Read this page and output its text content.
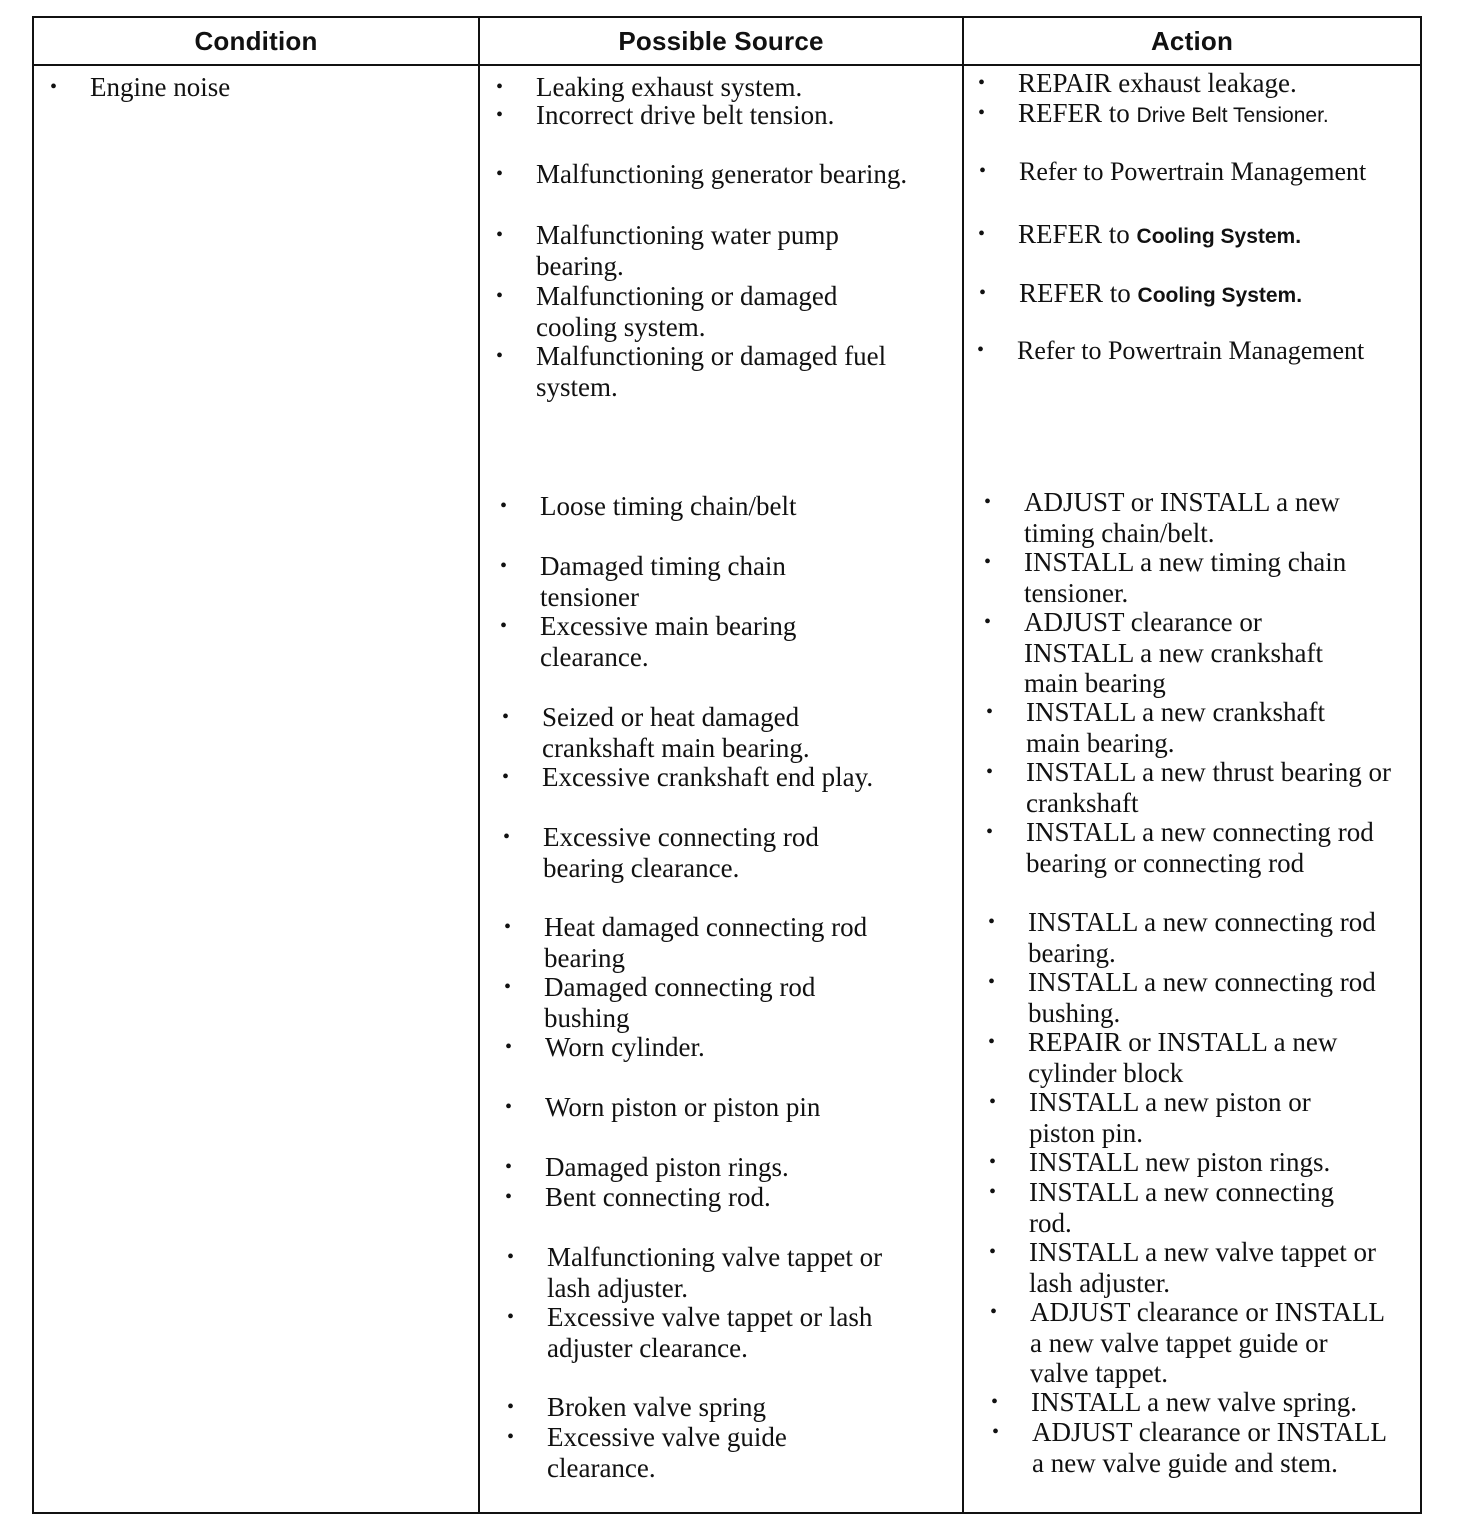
Condition	Possible Source	Action
• Engine noise
•	Leaking exhaust system.
• Incorrect drive belt tension.
• Malfunctioning generator bearing.
• Malfunctioning water pump bearing.
• Malfunctioning or damaged cooling system.
• Malfunctioning or damaged fuel system.
• Loose timing chain/belt
• Damaged timing chain tensioner
• Excessive main bearing clearance.
• Seized or heat damaged crankshaft main bearing.
• Excessive crankshaft end play.
• Excessive connecting rod bearing clearance.
• Heat damaged connecting rod bearing
• Damaged connecting rod bushing
• Worn cylinder.
• Worn piston or piston pin
• Damaged piston rings.
• Bent connecting rod.
• Malfunctioning valve tappet or lash adjuster.
• Excessive valve tappet or lash adjuster clearance.
• Broken valve spring
• Excessive valve guide clearance.
• REPAIR exhaust leakage.
• REFER to Drive Belt Tensioner.
• Refer to Powertrain Management
• REFER to Cooling System.
• REFER to Cooling System.
• Refer to Powertrain Management
• ADJUST or INSTALL a new timing chain/belt.
• INSTALL a new timing chain tensioner.
• ADJUST clearance or INSTALL a new crankshaft main bearing
• INSTALL a new crankshaft main bearing.
• INSTALL a new thrust bearing or crankshaft
• INSTALL a new connecting rod bearing or connecting rod
• INSTALL a new connecting rod bearing.
• INSTALL a new connecting rod bushing.
• REPAIR or INSTALL a new cylinder block
• INSTALL a new piston or piston pin.
• INSTALL new piston rings.
• INSTALL a new connecting rod.
• INSTALL a new valve tappet or lash adjuster.
• ADJUST clearance or INSTALL a new valve tappet guide or valve tappet.
• INSTALL a new valve spring.
• ADJUST clearance or INSTALL a new valve guide and stem.
